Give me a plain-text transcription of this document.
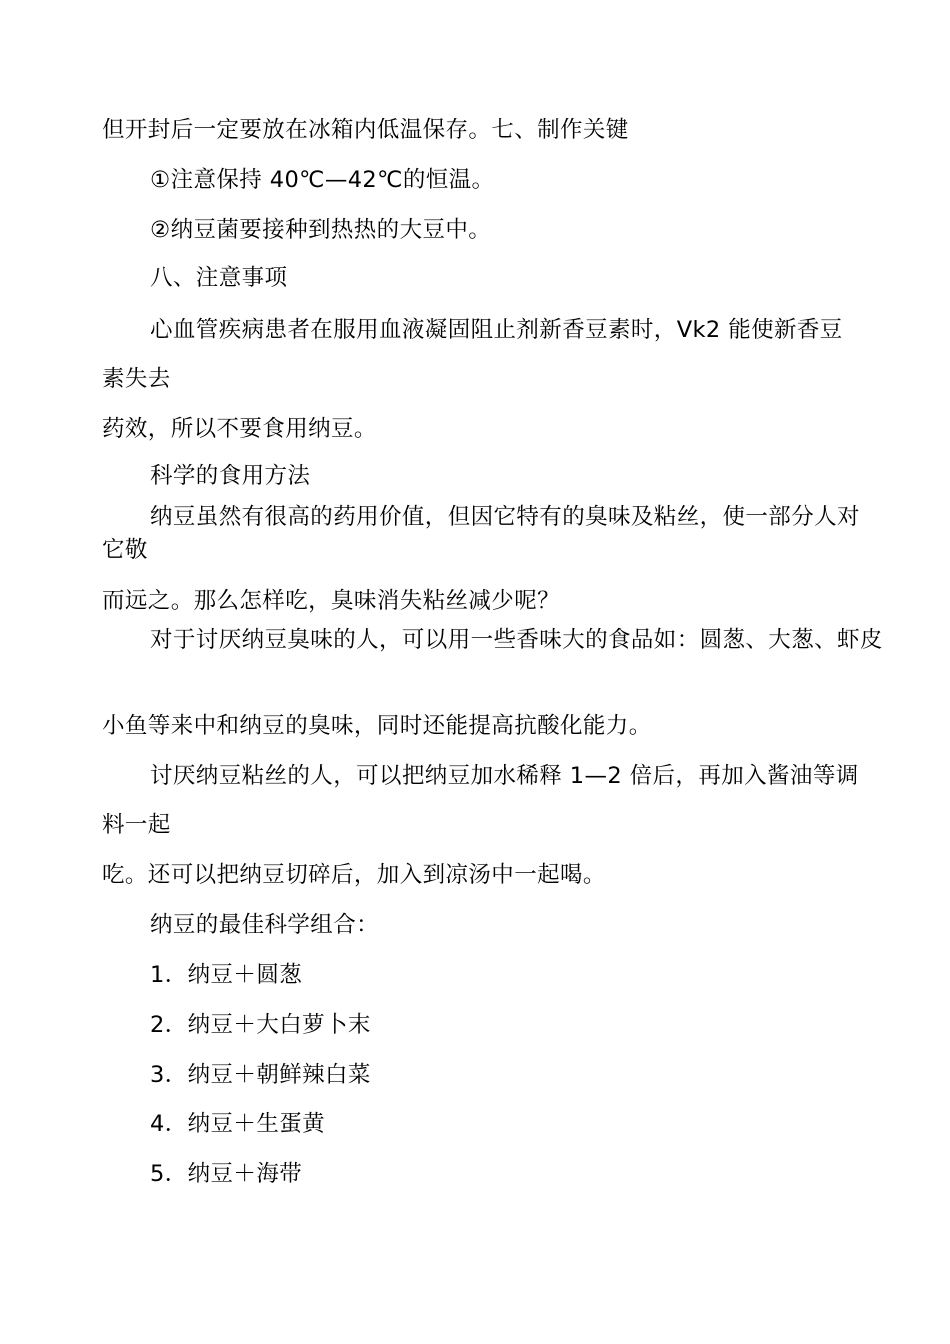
但开封后一定要放在冰箱内低温保存。七、制作关键
①注意保持 40℃—42℃的恒温。
②纳豆菌要接种到热热的大豆中。
八、注意事项
心血管疾病患者在服用血液凝固阻止剂新香豆素时，Vk2 能使新香豆
素失去
药效，所以不要食用纳豆。
科学的食用方法
纳豆虽然有很高的药用价值，但因它特有的臭味及粘丝，使一部分人对
它敬
而远之。那么怎样吃，臭味消失粘丝减少呢？
对于讨厌纳豆臭味的人，可以用一些香味大的食品如：圆葱、大葱、虾皮
小鱼等来中和纳豆的臭味，同时还能提高抗酸化能力。
讨厌纳豆粘丝的人，可以把纳豆加水稀释 1—2 倍后，再加入酱油等调
料一起
吃。还可以把纳豆切碎后，加入到凉汤中一起喝。
纳豆的最佳科学组合：
1．纳豆＋圆葱
2．纳豆＋大白萝卜末
3．纳豆＋朝鲜辣白菜
4．纳豆＋生蛋黄
5．纳豆＋海带
